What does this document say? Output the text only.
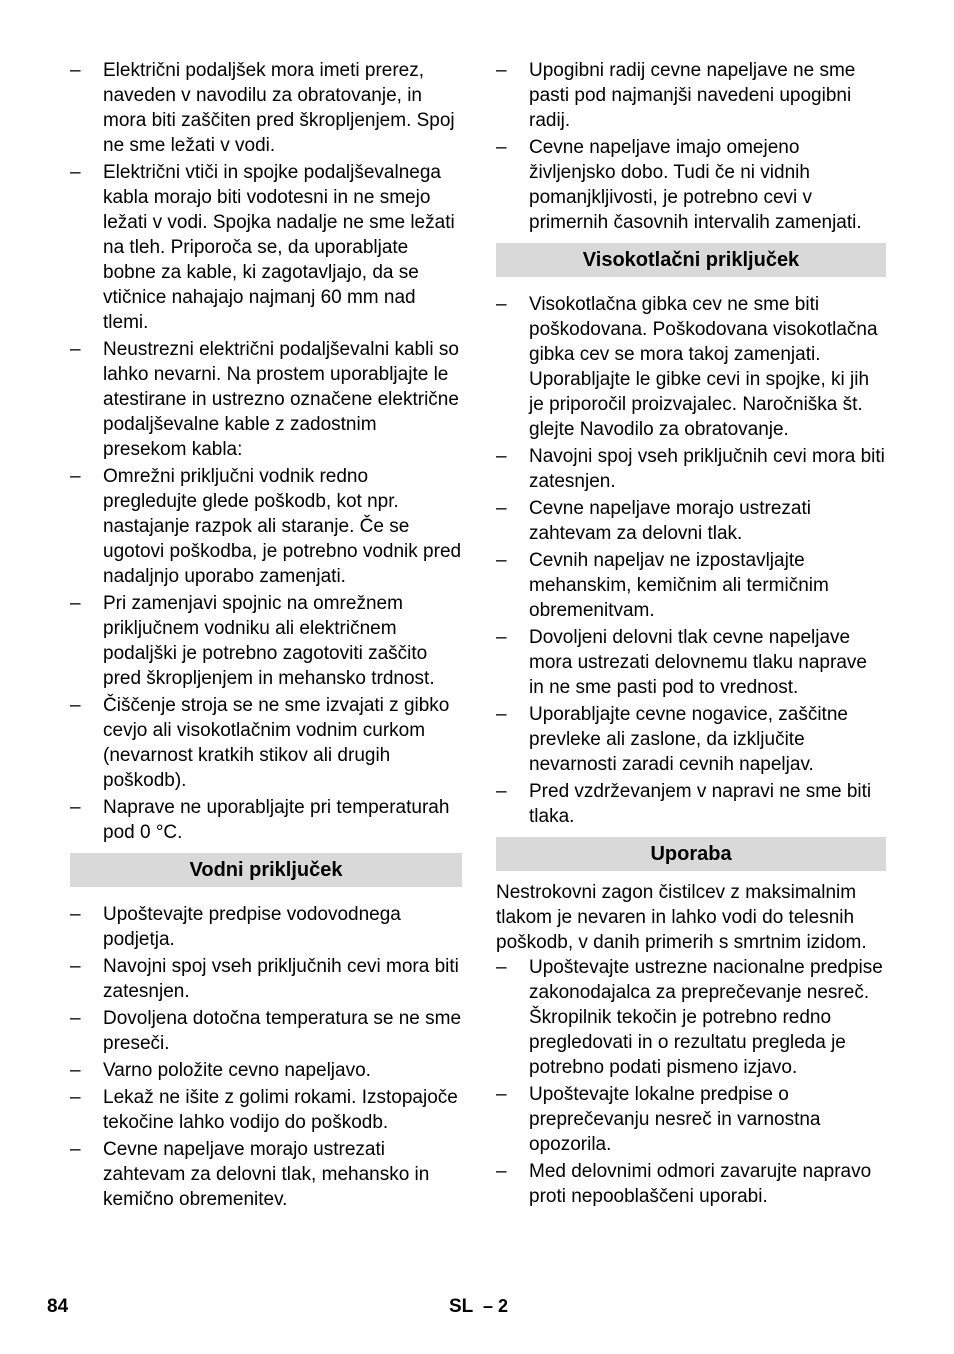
– Električni podaljšek mora imeti prerez, naveden v navodilu za obratovanje, in mora biti zaščiten pred škropljenjem. Spoj ne sme ležati v vodi.
– Električni vtiči in spojke podaljševalnega kabla morajo biti vodotesni in ne smejo ležati v vodi. Spojka nadalje ne sme ležati na tleh. Priporoča se, da uporabljate bobne za kable, ki zagotavljajo, da se vtičnice nahajajo najmanj 60 mm nad tlemi.
– Neustrezni električni podaljševalni kabli so lahko nevarni. Na prostem uporabljajte le atestirane in ustrezno označene električne podaljševalne kable z zadostnim presekom kabla:
– Omrežni priključni vodnik redno pregledujte glede poškodb, kot npr. nastajanje razpok ali staranje. Če se ugotovi poškodba, je potrebno vodnik pred nadaljnjo uporabo zamenjati.
– Pri zamenjavi spojnic na omrežnem priključnem vodniku ali električnem podaljški je potrebno zagotoviti zaščito pred škropljenjem in mehansko trdnost.
– Čiščenje stroja se ne sme izvajati z gibko cevjo ali visokotlačnim vodnim curkom (nevarnost kratkih stikov ali drugih poškodb).
– Naprave ne uporabljajte pri temperaturah pod 0 °C.
Vodni priključek
– Upoštevajte predpise vodovodnega podjetja.
– Navojni spoj vseh priključnih cevi mora biti zatesnjen.
– Dovoljena dotočna temperatura se ne sme preseči.
– Varno položite cevno napeljavo.
– Lekaž ne išite z golimi rokami. Izstopajoče tekočine lahko vodijo do poškodb.
– Cevne napeljave morajo ustrezati zahtevam za delovni tlak, mehansko in kemično obremenitev.
– Upogibni radij cevne napeljave ne sme pasti pod najmanjši navedeni upogibni radij.
– Cevne napeljave imajo omejeno življenjsko dobo. Tudi če ni vidnih pomanjkljivosti, je potrebno cevi v primernih časovnih intervalih zamenjati.
Visokotlačni priključek
– Visokotlačna gibka cev ne sme biti poškodovana. Poškodovana visokotlačna gibka cev se mora takoj zamenjati. Uporabljajte le gibke cevi in spojke, ki jih je priporočil proizvajalec. Naročniška št. glejte Navodilo za obratovanje.
– Navojni spoj vseh priključnih cevi mora biti zatesnjen.
– Cevne napeljave morajo ustrezati zahtevam za delovni tlak.
– Cevnih napeljav ne izpostavljajte mehanskim, kemičnim ali termičnim obremenitvam.
– Dovoljeni delovni tlak cevne napeljave mora ustrezati delovnemu tlaku naprave in ne sme pasti pod to vrednost.
– Uporabljajte cevne nogavice, zaščitne prevleke ali zaslone, da izključite nevarnosti zaradi cevnih napeljav.
– Pred vzdrževanjem v napravi ne sme biti tlaka.
Uporaba

Nestrokovni zagon čistilcev z maksimalnim tlakom je nevaren in lahko vodi do telesnih poškodb, v danih primerih s smrtnim izidom.

– Upoštevajte ustrezne nacionalne predpise zakonodajalca za preprečevanje nesreč. Škropilnik tekočin je potrebno redno pregledovati in o rezultatu pregleda je potrebno podati pismeno izjavo.
– Upoštevajte lokalne predpise o preprečevanju nesreč in varnostna opozorila.
– Med delovnimi odmori zavarujte napravo proti nepooblaščeni uporabi.
84	SL – 2
